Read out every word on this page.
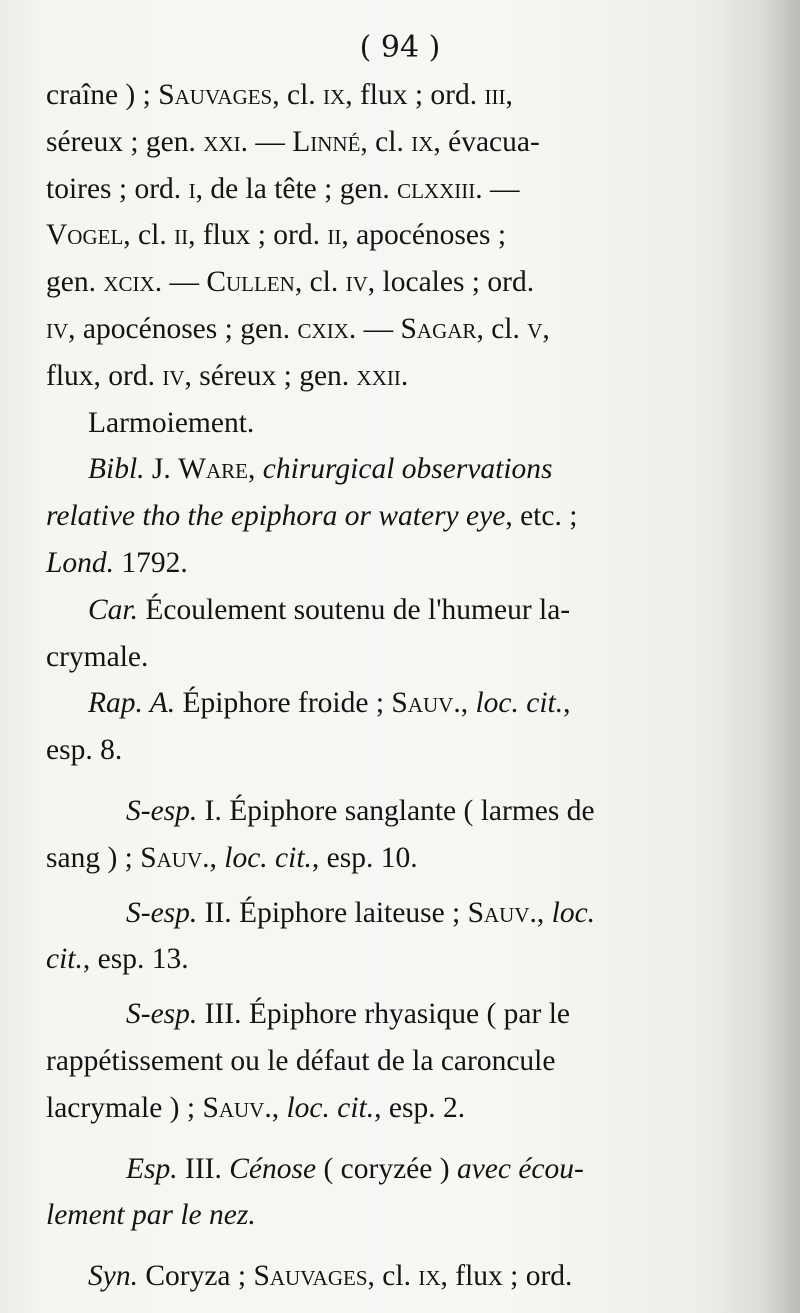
( 94 )

craîne ) ; Sauvages, cl. ix, flux ; ord. iii,
séreux ; gen. xxi. — Linné, cl. ix, évacua-
toires ; ord. i, de la tête ; gen. clxxiii. —
Vogel, cl. ii, flux ; ord. ii, apocénoses ;
gen. xcix. — Cullen, cl. iv, locales ; ord.
iv, apocénoses ; gen. cxix. — Sagar, cl. v,
flux, ord. iv, séreux ; gen. xxii.

Larmoiement.

Bibl. J. Ware, chirurgical observations
relative tho the epiphora or watery eye, etc. ;
Lond. 1792.

Car. Écoulement soutenu de l'humeur la-
crymale.

Rap. A. Épiphore froide ; Sauv., loc. cit.,
esp. 8.

S-esp. I. Épiphore sanglante ( larmes de
sang ) ; Sauv., loc. cit., esp. 10.

S-esp. II. Épiphore laiteuse ; Sauv., loc.
cit., esp. 13.

S-esp. III. Épiphore rhyasique ( par le
rappétissement ou le défaut de la caroncule
lacrymale ) ; Sauv., loc. cit., esp. 2.

Esp. III. Cénose ( coryzée ) avec écou-
lement par le nez.

Syn. Coryza ; Sauvages, cl. ix, flux ; ord.
